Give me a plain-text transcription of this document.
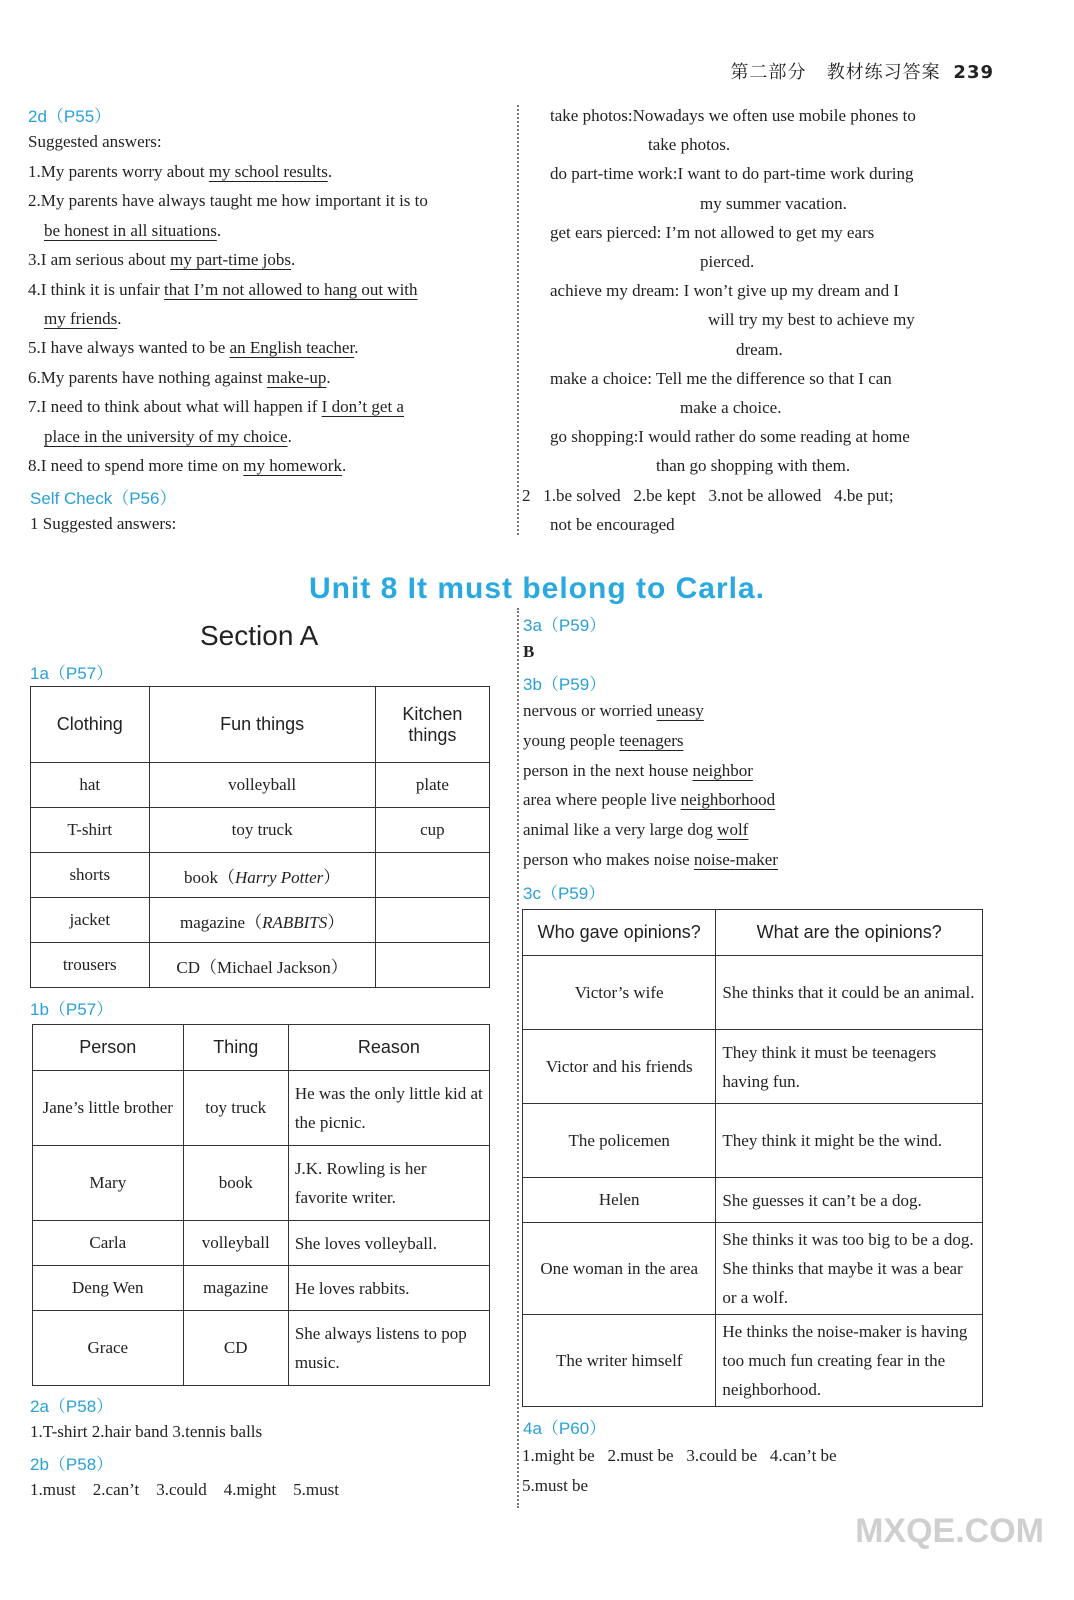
第二部分 教材练习答案 239
2d（P55）
Suggested answers:
1.My parents worry about my school results.
2.My parents have always taught me how important it is to
be honest in all situations.
3.I am serious about my part-time jobs.
4.I think it is unfair that I’m not allowed to hang out with
my friends.
5.I have always wanted to be an English teacher.
6.My parents have nothing against make-up.
7.I need to think about what will happen if I don’t get a
place in the university of my choice.
8.I need to spend more time on my homework.
Self Check（P56）
1 Suggested answers:
take photos:Nowadays we often use mobile phones to
take photos.
do part-time work:I want to do part-time work during
my summer vacation.
get ears pierced: I’m not allowed to get my ears
pierced.
achieve my dream: I won’t give up my dream and I
will try my best to achieve my
dream.
make a choice: Tell me the difference so that I can
make a choice.
go shopping:I would rather do some reading at home
than go shopping with them.
2   1.be solved   2.be kept   3.not be allowed   4.be put;
not be encouraged
Unit 8 It must belong to Carla.
Section A
1a（P57）
Clothing	Fun things	Kitchen things
hat	volleyball	plate
T-shirt	toy truck	cup
shorts	book（Harry Potter）	
jacket	magazine（RABBITS）	
trousers	CD（Michael Jackson）	
1b（P57）
Person	Thing	Reason
Jane’s little brother	toy truck	He was the only little kid at the picnic.
Mary	book	J.K. Rowling is her favorite writer.
Carla	volleyball	She loves volleyball.
Deng Wen	magazine	He loves rabbits.
Grace	CD	She always listens to pop music.
2a（P58）
1.T-shirt 2.hair band 3.tennis balls
2b（P58）
1.must    2.can’t    3.could    4.might    5.must
3a（P59）
B
3b（P59）
nervous or worried uneasy
young people teenagers
person in the next house neighbor
area where people live neighborhood
animal like a very large dog wolf
person who makes noise noise-maker
3c（P59）
Who gave opinions?	What are the opinions?
Victor’s wife	She thinks that it could be an animal.
Victor and his friends	They think it must be teenagers having fun.
The policemen	They think it might be the wind.
Helen	She guesses it can’t be a dog.
One woman in the area	She thinks it was too big to be a dog. She thinks that maybe it was a bear or a wolf.
The writer himself	He thinks the noise-maker is having too much fun creating fear in the neighborhood.
4a（P60）
1.might be   2.must be   3.could be   4.can’t be
5.must be
MXQE.COM
